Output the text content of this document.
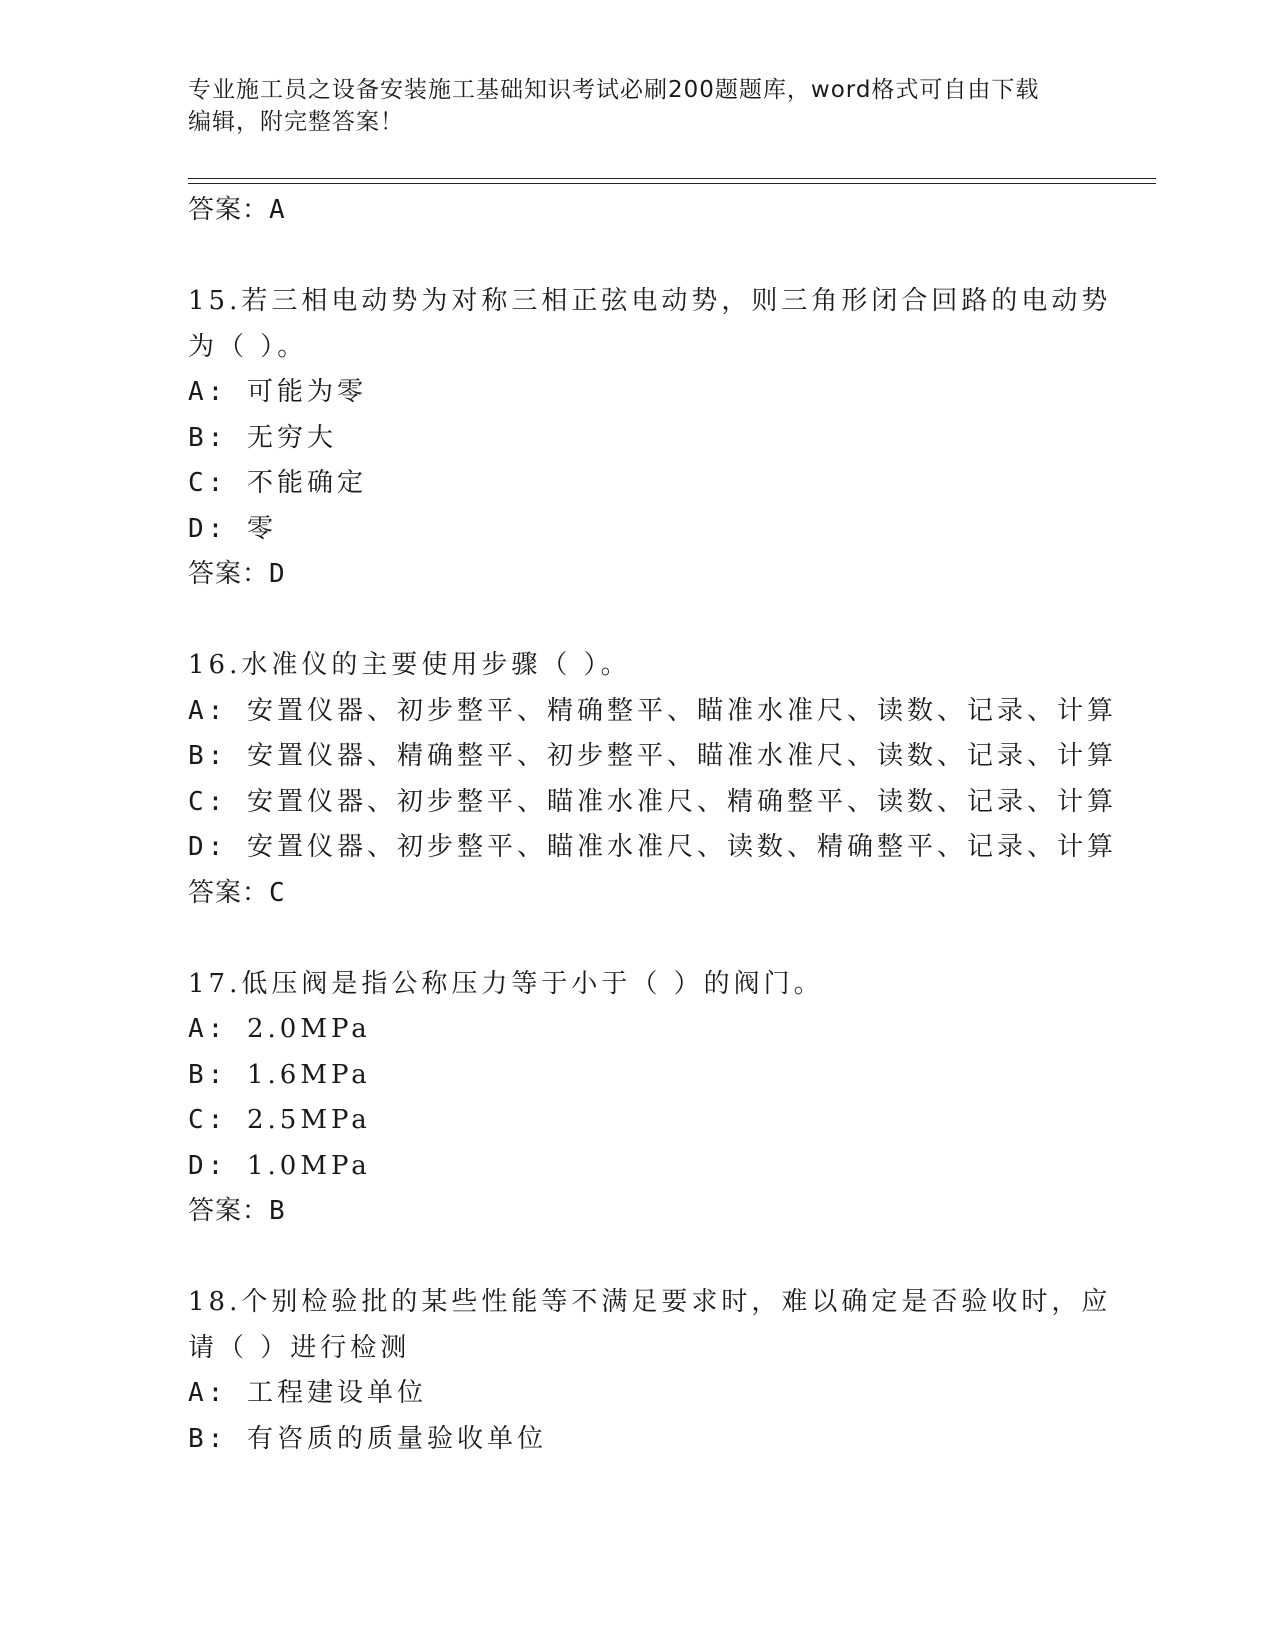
专业施工员之设备安装施工基础知识考试必刷200题题库，word格式可自由下载
编辑，附完整答案！
答案：A
15.若三相电动势为对称三相正弦电动势，则三角形闭合回路的电动势
为（ ）。
A: 可能为零
B: 无穷大
C: 不能确定
D: 零
答案：D
16.水准仪的主要使用步骤（ ）。
A: 安置仪器、初步整平、精确整平、瞄准水准尺、读数、记录、计算
B: 安置仪器、精确整平、初步整平、瞄准水准尺、读数、记录、计算
C: 安置仪器、初步整平、瞄准水准尺、精确整平、读数、记录、计算
D: 安置仪器、初步整平、瞄准水准尺、读数、精确整平、记录、计算
答案：C
17.低压阀是指公称压力等于小于（ ）的阀门。
A: 2.0MPa
B: 1.6MPa
C: 2.5MPa
D: 1.0MPa
答案：B
18.个别检验批的某些性能等不满足要求时，难以确定是否验收时，应
请（ ）进行检测
A: 工程建设单位
B: 有咨质的质量验收单位
